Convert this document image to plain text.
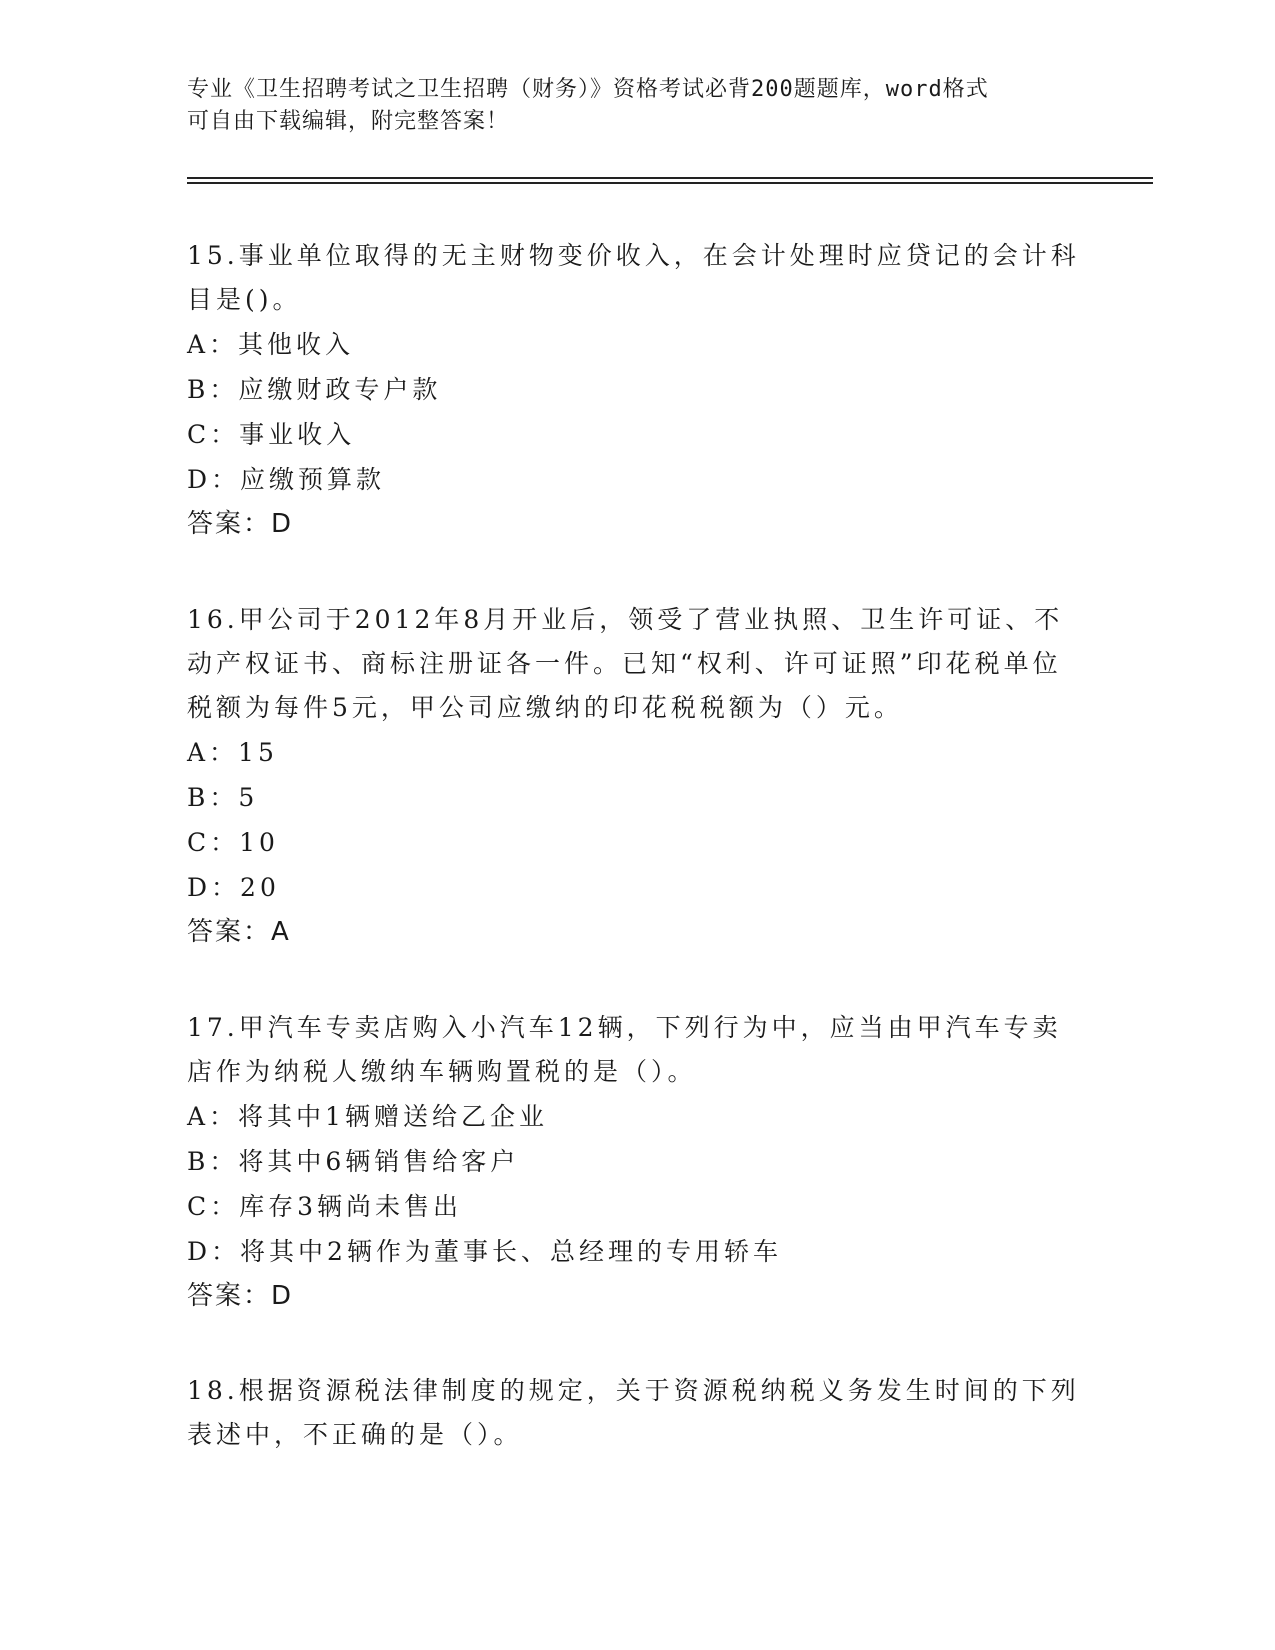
专业《卫生招聘考试之卫生招聘（财务）》资格考试必背200题题库，word格式
可自由下载编辑，附完整答案！

15.事业单位取得的无主财物变价收入，在会计处理时应贷记的会计科目是()。

A：其他收入

B：应缴财政专户款

C：事业收入

D：应缴预算款

答案：D

16.甲公司于2012年8月开业后，领受了营业执照、卫生许可证、不动产权证书、商标注册证各一件。已知“权利、许可证照”印花税单位税额为每件5元，甲公司应缴纳的印花税税额为（）元。

A：15

B：5

C：10

D：20

答案：A

17.甲汽车专卖店购入小汽车12辆，下列行为中，应当由甲汽车专卖店作为纳税人缴纳车辆购置税的是（）。

A：将其中1辆赠送给乙企业

B：将其中6辆销售给客户

C：库存3辆尚未售出

D：将其中2辆作为董事长、总经理的专用轿车

答案：D

18.根据资源税法律制度的规定，关于资源税纳税义务发生时间的下列表述中，不正确的是（）。
